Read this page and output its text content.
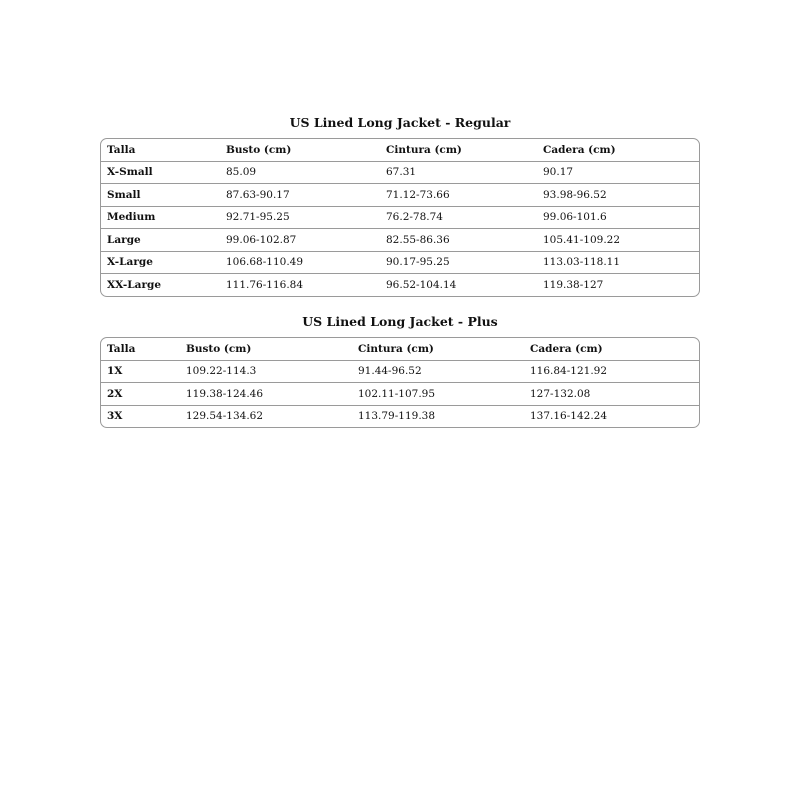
US Lined Long Jacket - Regular
Talla	Busto (cm)	Cintura (cm)	Cadera (cm)
X-Small	85.09	67.31	90.17
Small	87.63-90.17	71.12-73.66	93.98-96.52
Medium	92.71-95.25	76.2-78.74	99.06-101.6
Large	99.06-102.87	82.55-86.36	105.41-109.22
X-Large	106.68-110.49	90.17-95.25	113.03-118.11
XX-Large	111.76-116.84	96.52-104.14	119.38-127
US Lined Long Jacket - Plus
Talla	Busto (cm)	Cintura (cm)	Cadera (cm)
1X	109.22-114.3	91.44-96.52	116.84-121.92
2X	119.38-124.46	102.11-107.95	127-132.08
3X	129.54-134.62	113.79-119.38	137.16-142.24
